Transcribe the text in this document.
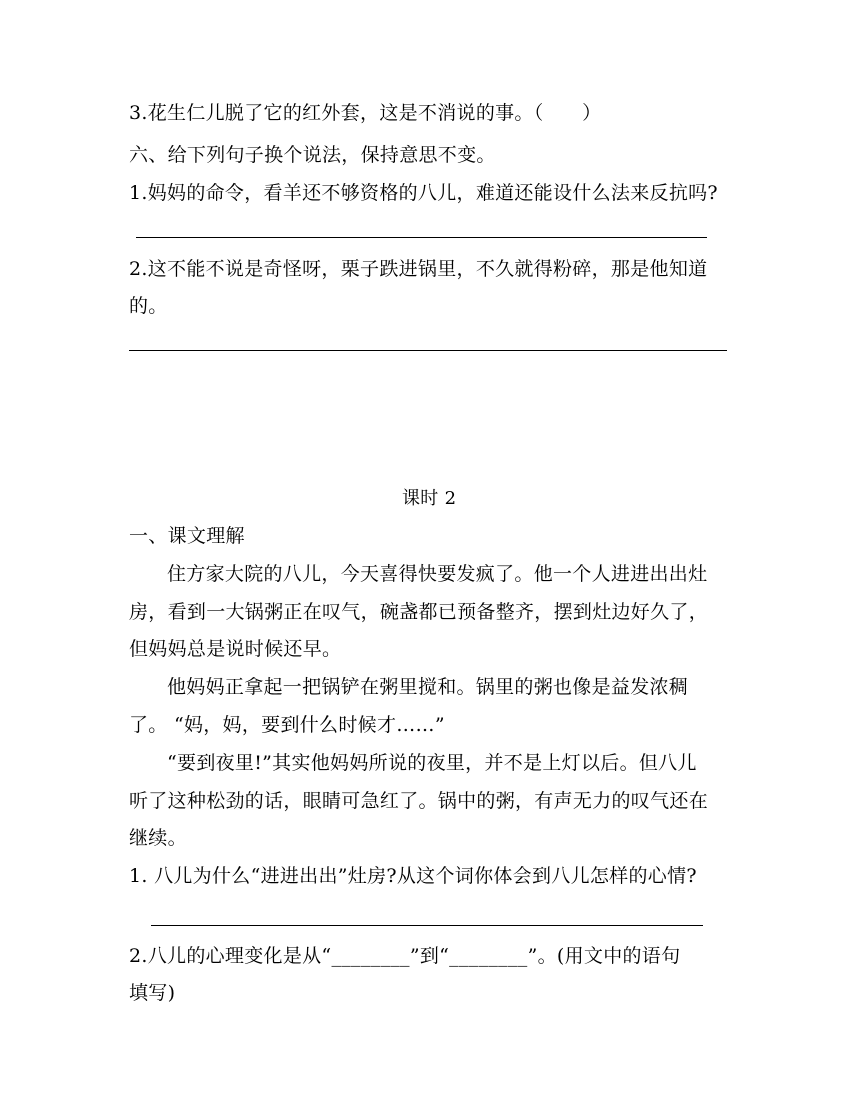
3.花生仁儿脱了它的红外套，这是不消说的事。（　　）
六、给下列句子换个说法，保持意思不变。
1.妈妈的命令，看羊还不够资格的八儿，难道还能设什么法来反抗吗?
2.这不能不说是奇怪呀，栗子跌进锅里，不久就得粉碎，那是他知道
的。
课时 2
一、课文理解
住方家大院的八儿，今天喜得快要发疯了。他一个人进进出出灶
房，看到一大锅粥正在叹气，碗盏都已预备整齐，摆到灶边好久了，
但妈妈总是说时候还早。
他妈妈正拿起一把锅铲在粥里搅和。锅里的粥也像是益发浓稠
了。 “妈，妈，要到什么时候才……”
“要到夜里!”其实他妈妈所说的夜里，并不是上灯以后。但八儿
听了这种松劲的话，眼睛可急红了。锅中的粥，有声无力的叹气还在
继续。
1. 八儿为什么“进进出出”灶房?从这个词你体会到八儿怎样的心情?
2.八儿的心理变化是从“________”到“________”。(用文中的语句
填写)
